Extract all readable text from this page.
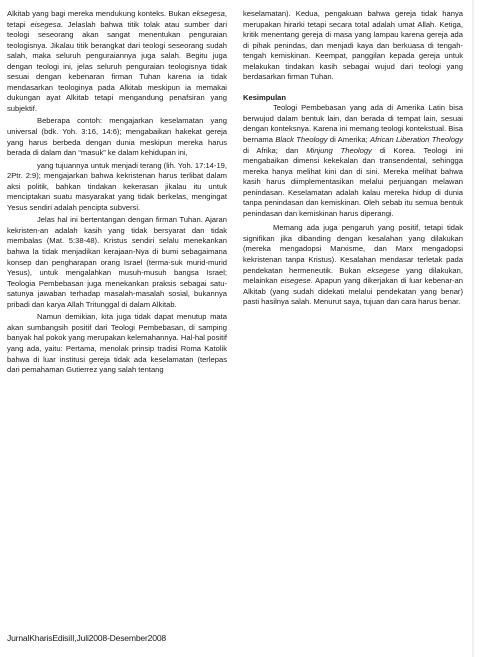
Alkitab yang bagi mereka mendukung konteks. Bukan eksegesa, tetapi eisegesa. Jelaslah bahwa titik tolak atau sumber dari teologi seseorang akan sangat menentukan penguraian teologisnya. Jikalau titik berangkat dari teologi seseorang sudah salah, maka seluruh penguraiannya juga salah. Begitu juga dengan teologi ini, jelas seluruh penguraian teologisnya tidak sesuai dengan kebenaran firman Tuhan karena ia tidak mendasarkan teologinya pada Alkitab meskipun ia memakai dukungan ayat Alkitab tetapi mengandung penafsiran yang subjektif.

Beberapa contoh: mengajarkan keselamatan yang universal (bdk. Yoh. 3:16, 14:6); mengabaikan hakekat gereja yang harus berbeda dengan dunia meskipun mereka harus berada di dalam dan “masuk” ke dalam kehidupan ini,

yang tujuannya untuk menjadi terang (lih. Yoh. 17:14-19, 2Ptr. 2:9); mengajarkan bahwa kekristenan harus terlibat dalam aksi politik, bahkan tindakan kekerasan jikalau itu untuk menciptakan suatu masyarakat yang tidak berkelas, mengingat Yesus sendiri adalah pencipta subversi.

Jelas hal ini bertentangan dengan firman Tuhan. Ajaran kekristen-an adalah kasih yang tidak bersyarat dan tidak membalas (Mat. 5:38-48). Kristus sendiri selalu menekankan bahwa la tidak menjadikan kerajaan-Nya di bumi sebagaimana konsep dan pengharapan orang Israel (terma-suk murid-murid Yesus), untuk mengalahkan musuh-musuh bangsa Israel; Teologia Pembebasan juga menekankan praksis sebagai satu-satunya jawaban terhadap masalah-masalah sosial, bukannya pribadi dan karya Allah Tritunggal di dalam Alkitab.

Namun demikian, kita juga tidak dapat menutup mata akan sumbangsih positif dari Teologi Pembebasan, di samping banyak hal pokok yang merupakan kelemahannya. Hal-hal positif yang ada, yaitu: Pertama, menolak prinsip tradisi Roma Katolik bahwa di luar institusi gereja tidak ada keselamatan (terlepas dari pemahaman Gutierrez yang salah tentang

keselamatan). Kedua, pengakuan bahwa gereja tidak hanya merupakan hirarki tetapi secara total adalah umat Allah. Ketiga, kritik menentang gereja di masa yang lampau karena gereja ada di pihak penindas, dan menjadi kaya dan berkuasa di tengah-tengah kemiskinan. Keempat, panggilan kepada gereja untuk melakukan tindakan kasih sebagai wujud dari teologi yang berdasarkan firman Tuhan.

Kesimpulan

Teologi Pembebasan yang ada di Amerika Latin bisa berwujud dalam bentuk lain, dan berada di tempat lain, sesuai dengan konteksnya. Karena ini memang teologi kontekstual. Bisa bernama Black Theology di Amerika; African Liberation Theology di Afrika; dan Minjung Theology di Korea. Teologi ini mengabaikan dimensi kekekalan dan transendental, sehingga mereka hanya melihat kini dan di sini. Mereka melihat bahwa kasih harus diimplementasikan melalui perjuangan melawan penindasan. Keselamatan adalah kalau mereka hidup di dunia tanpa penindasan dan kemiskinan. Oleh sebab itu semua bentuk penindasan dan kemiskinan harus diperangi.

Memang ada juga pengaruh yang positif, tetapi tidak signifikan jika dibanding dengan kesalahan yang dilakukan (mereka mengadopsi Marxisme, dan Marx mengadopsi kekristenan tanpa Kristus). Kesalahan mendasar terletak pada pendekatan hermeneutik. Bukan eksegese yang dilakukan, melainkan eisegese. Apapun yang dikerjakan di luar kebenar-an Alkitab (yang sudah didekati melalui pendekatan yang benar) pasti hasilnya salah. Menurut saya, tujuan dan cara harus benar.

JurnalKharisEdisiII,Juli2008-Desember2008
